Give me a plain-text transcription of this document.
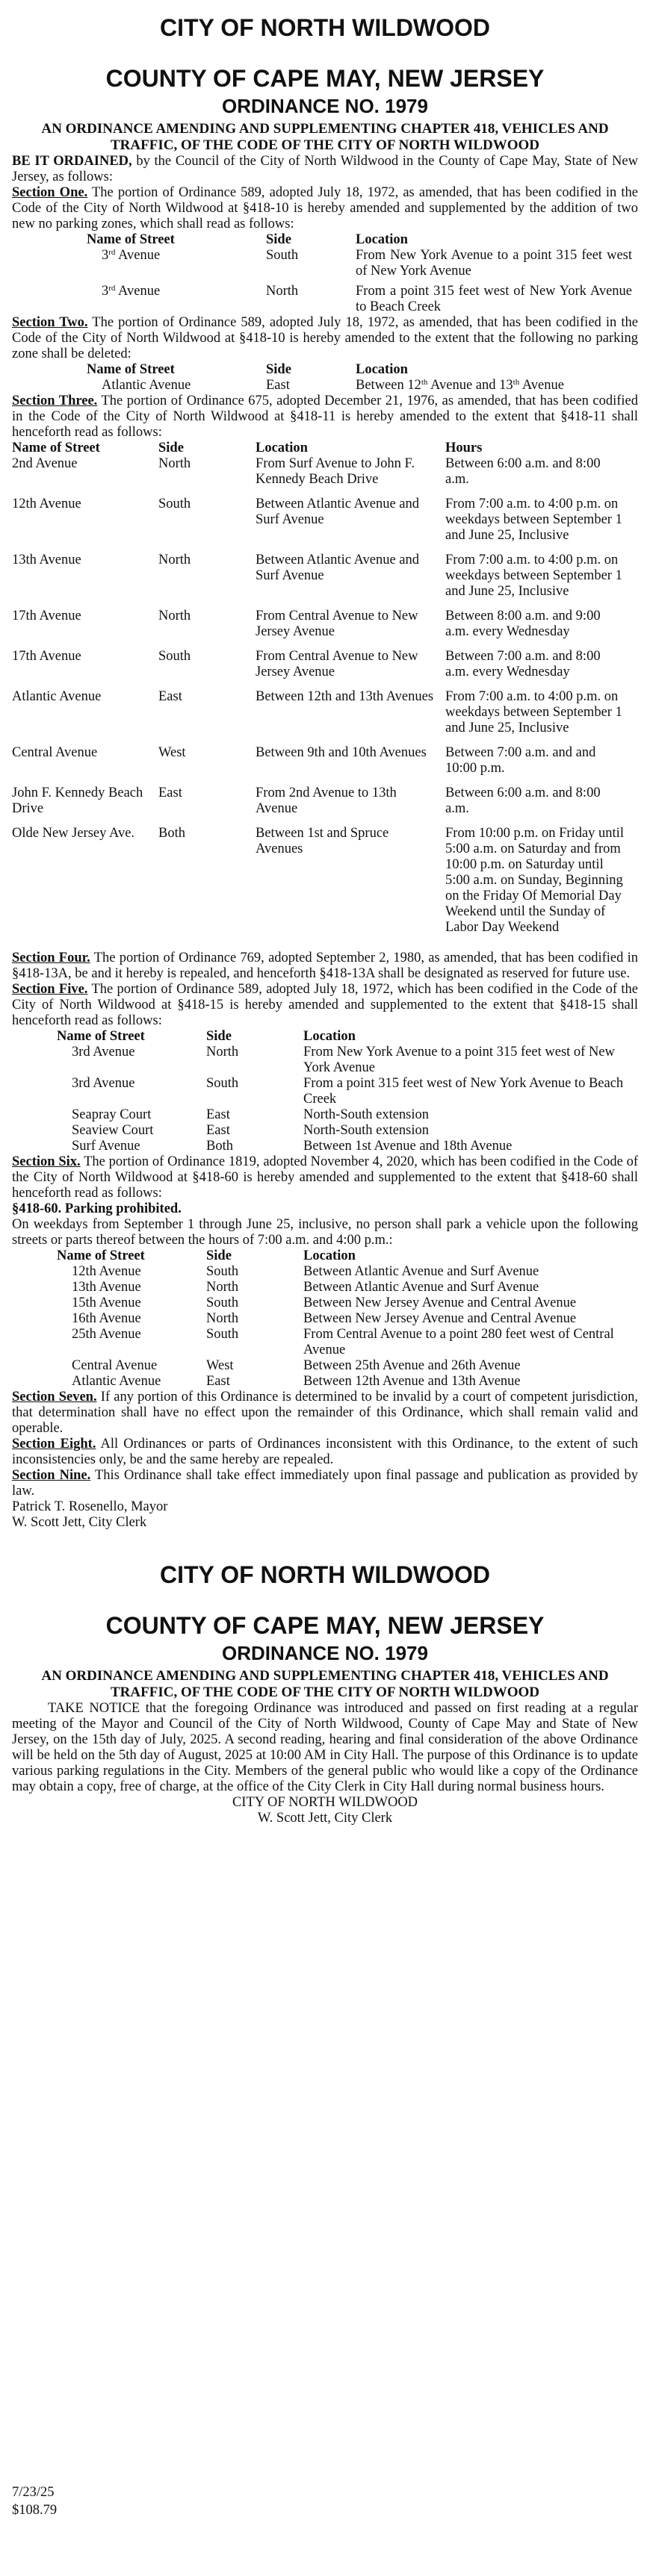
CITY OF NORTH WILDWOOD
COUNTY OF CAPE MAY, NEW JERSEY
ORDINANCE NO. 1979
AN ORDINANCE AMENDING AND SUPPLEMENTING CHAPTER 418, VEHICLES AND TRAFFIC, OF THE CODE OF THE CITY OF NORTH WILDWOOD

BE IT ORDAINED, by the Council of the City of North Wildwood in the County of Cape May, State of New Jersey, as follows:

Section One. The portion of Ordinance 589, adopted July 18, 1972, as amended, that has been codified in the Code of the City of North Wildwood at §418-10 is hereby amended and supplemented by the addition of two new no parking zones, which shall read as follows:

Name of Street	Side	Location
3rd Avenue	South	From New York Avenue to a point 315 feet west of New York Avenue
3rd Avenue	North	From a point 315 feet west of New York Avenue to Beach Creek

Section Two. The portion of Ordinance 589, adopted July 18, 1972, as amended, that has been codified in the Code of the City of North Wildwood at §418-10 is hereby amended to the extent that the following no parking zone shall be deleted:

Name of Street	Side	Location
Atlantic Avenue	East	Between 12th Avenue and 13th Avenue

Section Three. The portion of Ordinance 675, adopted December 21, 1976, as amended, that has been codified in the Code of the City of North Wildwood at §418-11 is hereby amended to the extent that §418-11 shall henceforth read as follows:

Name of Street	Side	Location	Hours
2nd Avenue	North	From Surf Avenue to John F. Kennedy Beach Drive	Between 6:00 a.m. and 8:00 a.m.
12th Avenue	South	Between Atlantic Avenue and Surf Avenue	From 7:00 a.m. to 4:00 p.m. on weekdays between September 1 and June 25, Inclusive
13th Avenue	North	Between Atlantic Avenue and Surf Avenue	From 7:00 a.m. to 4:00 p.m. on weekdays between September 1 and June 25, Inclusive
17th Avenue	North	From Central Avenue to New Jersey Avenue	Between 8:00 a.m. and 9:00 a.m. every Wednesday
17th Avenue	South	From Central Avenue to New Jersey Avenue	Between 7:00 a.m. and 8:00 a.m. every Wednesday
Atlantic Avenue	East	Between 12th and 13th Avenues	From 7:00 a.m. to 4:00 p.m. on weekdays between September 1 and June 25, Inclusive
Central Avenue	West	Between 9th and 10th Avenues	Between 7:00 a.m. and and 10:00 p.m.
John F. Kennedy Beach Drive	East	From 2nd Avenue to 13th Avenue	Between 6:00 a.m. and 8:00 a.m.
Olde New Jersey Ave.	Both	Between 1st and Spruce Avenues	From 10:00 p.m. on Friday until 5:00 a.m. on Saturday and from 10:00 p.m. on Saturday until 5:00 a.m. on Sunday, Beginning on the Friday Of Memorial Day Weekend until the Sunday of Labor Day Weekend

Section Four. The portion of Ordinance 769, adopted September 2, 1980, as amended, that has been codified in §418-13A, be and it hereby is repealed, and henceforth §418-13A shall be designated as reserved for future use.

Section Five. The portion of Ordinance 589, adopted July 18, 1972, which has been codified in the Code of the City of North Wildwood at §418-15 is hereby amended and supplemented to the extent that §418-15 shall henceforth read as follows:

Name of Street	Side	Location
3rd Avenue	North	From New York Avenue to a point 315 feet west of New York Avenue
3rd Avenue	South	From a point 315 feet west of New York Avenue to Beach Creek
Seapray Court	East	North-South extension
Seaview Court	East	North-South extension
Surf Avenue	Both	Between 1st Avenue and 18th Avenue

Section Six. The portion of Ordinance 1819, adopted November 4, 2020, which has been codified in the Code of the City of North Wildwood at §418-60 is hereby amended and supplemented to the extent that §418-60 shall henceforth read as follows:

§418-60. Parking prohibited.

On weekdays from September 1 through June 25, inclusive, no person shall park a vehicle upon the following streets or parts thereof between the hours of 7:00 a.m. and 4:00 p.m.:

Name of Street	Side	Location
12th Avenue	South	Between Atlantic Avenue and Surf Avenue
13th Avenue	North	Between Atlantic Avenue and Surf Avenue
15th Avenue	South	Between New Jersey Avenue and Central Avenue
16th Avenue	North	Between New Jersey Avenue and Central Avenue
25th Avenue	South	From Central Avenue to a point 280 feet west of Central Avenue
Central Avenue	West	Between 25th Avenue and 26th Avenue
Atlantic Avenue	East	Between 12th Avenue and 13th Avenue

Section Seven. If any portion of this Ordinance is determined to be invalid by a court of competent jurisdiction, that determination shall have no effect upon the remainder of this Ordinance, which shall remain valid and operable.

Section Eight. All Ordinances or parts of Ordinances inconsistent with this Ordinance, to the extent of such inconsistencies only, be and the same hereby are repealed.

Section Nine. This Ordinance shall take effect immediately upon final passage and publication as provided by law.

Patrick T. Rosenello, Mayor

W. Scott Jett, City Clerk

CITY OF NORTH WILDWOOD
COUNTY OF CAPE MAY, NEW JERSEY
ORDINANCE NO. 1979
AN ORDINANCE AMENDING AND SUPPLEMENTING CHAPTER 418, VEHICLES AND TRAFFIC, OF THE CODE OF THE CITY OF NORTH WILDWOOD

TAKE NOTICE that the foregoing Ordinance was introduced and passed on first reading at a regular meeting of the Mayor and Council of the City of North Wildwood, County of Cape May and State of New Jersey, on the 15th day of July, 2025. A second reading, hearing and final consideration of the above Ordinance will be held on the 5th day of August, 2025 at 10:00 AM in City Hall. The purpose of this Ordinance is to update various parking regulations in the City. Members of the general public who would like a copy of the Ordinance may obtain a copy, free of charge, at the office of the City Clerk in City Hall during normal business hours.

CITY OF NORTH WILDWOOD

W. Scott Jett, City Clerk

7/23/25
$108.79
